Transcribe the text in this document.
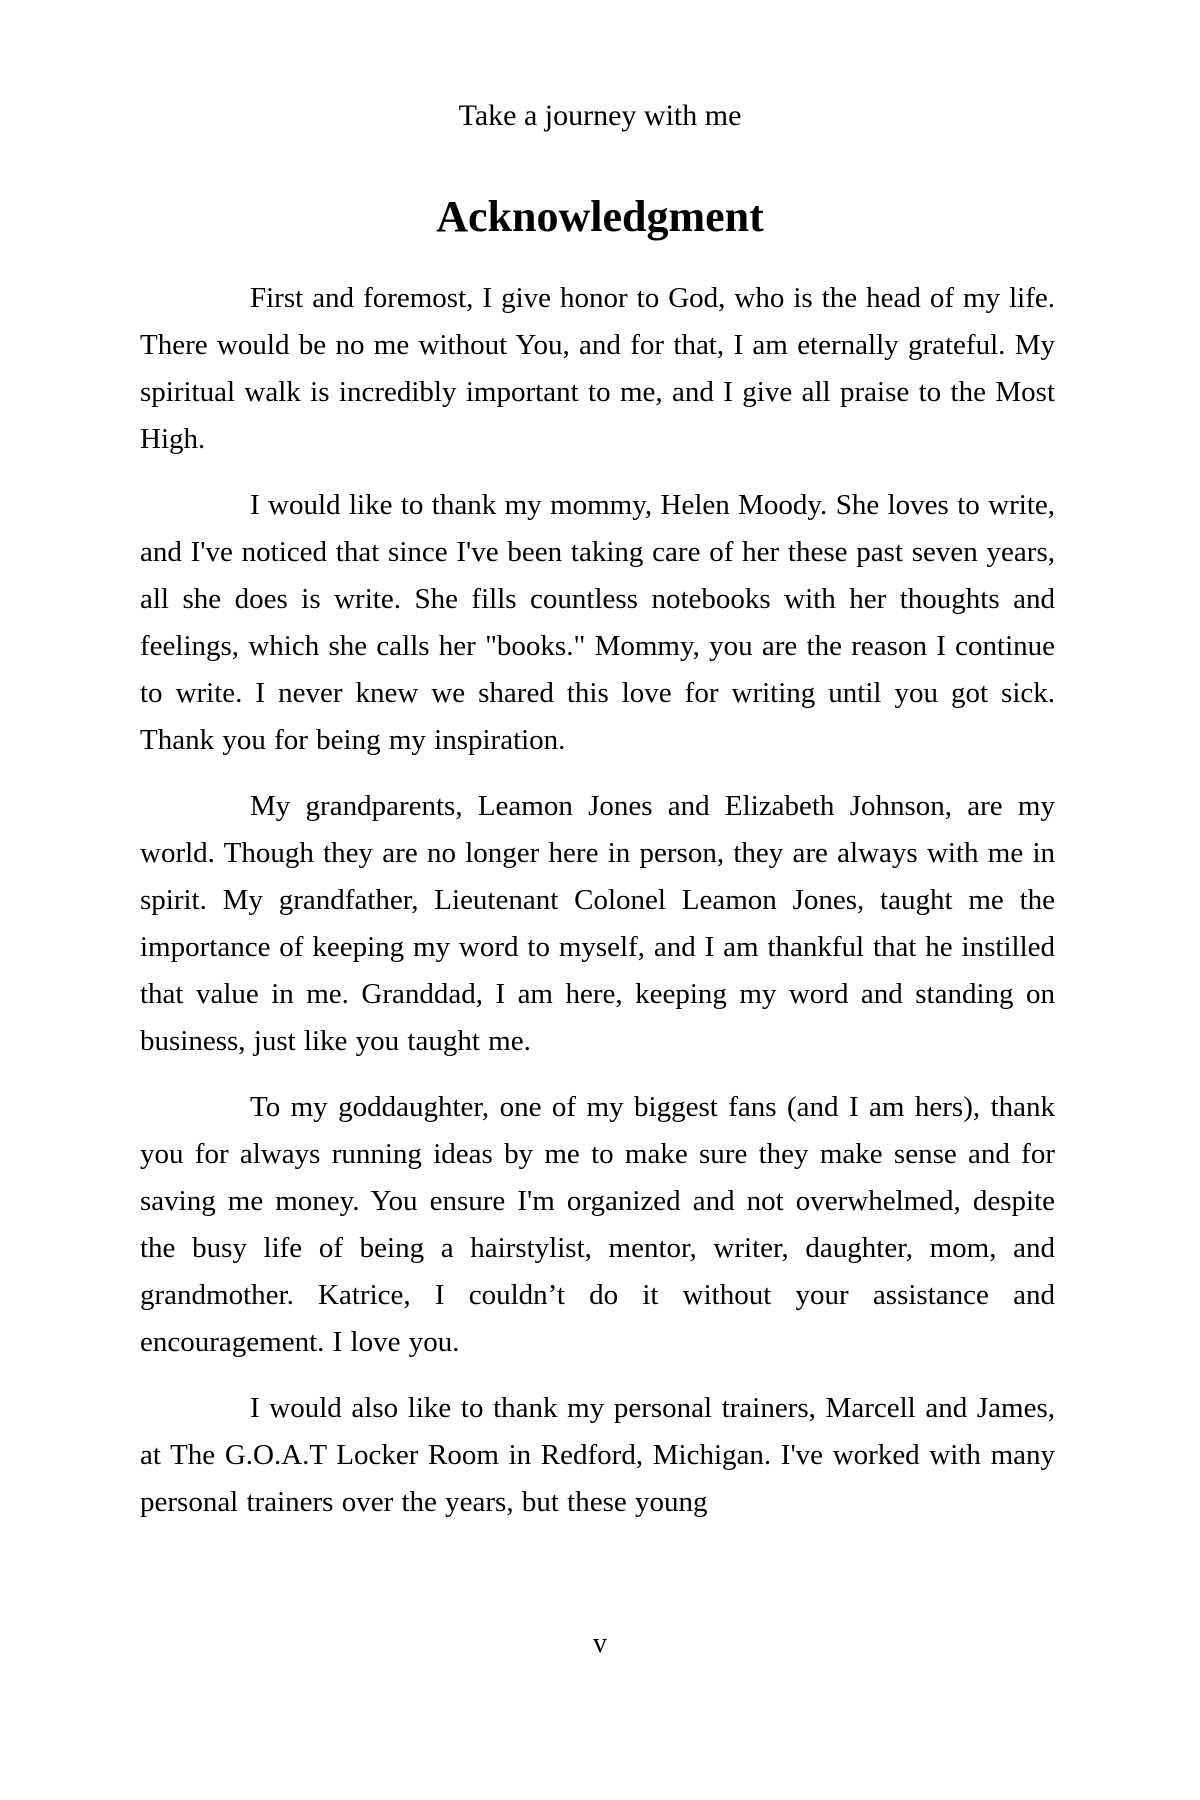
Take a journey with me
Acknowledgment

First and foremost, I give honor to God, who is the head of my life. There would be no me without You, and for that, I am eternally grateful. My spiritual walk is incredibly important to me, and I give all praise to the Most High.

I would like to thank my mommy, Helen Moody. She loves to write, and I've noticed that since I've been taking care of her these past seven years, all she does is write. She fills countless notebooks with her thoughts and feelings, which she calls her "books." Mommy, you are the reason I continue to write. I never knew we shared this love for writing until you got sick. Thank you for being my inspiration.

My grandparents, Leamon Jones and Elizabeth Johnson, are my world. Though they are no longer here in person, they are always with me in spirit. My grandfather, Lieutenant Colonel Leamon Jones, taught me the importance of keeping my word to myself, and I am thankful that he instilled that value in me. Granddad, I am here, keeping my word and standing on business, just like you taught me.

To my goddaughter, one of my biggest fans (and I am hers), thank you for always running ideas by me to make sure they make sense and for saving me money. You ensure I'm organized and not overwhelmed, despite the busy life of being a hairstylist, mentor, writer, daughter, mom, and grandmother. Katrice, I couldn’t do it without your assistance and encouragement. I love you.

I would also like to thank my personal trainers, Marcell and James, at The G.O.A.T Locker Room in Redford, Michigan. I've worked with many personal trainers over the years, but these young

v
